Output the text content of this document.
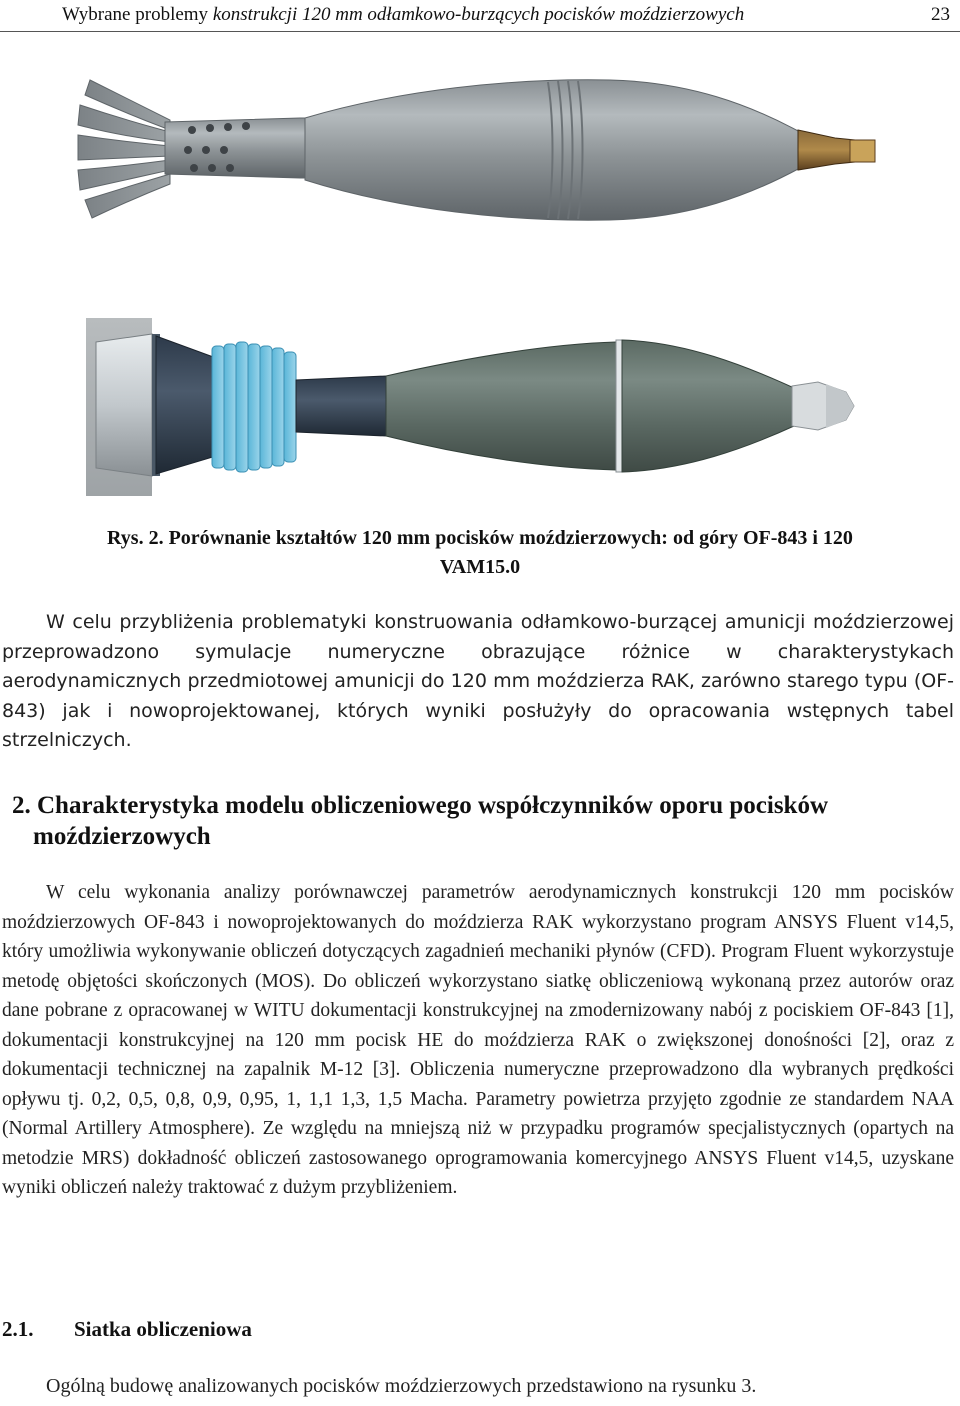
Wybrane problemy konstrukcji 120 mm odłamkowo-burzących pocisków moździerzowych	23
Rys. 2. Porównanie kształtów 120 mm pocisków moździerzowych: od góry OF-843 i 120
VAM15.0

W celu przybliżenia problematyki konstruowania odłamkowo-burzącej amunicji moździerzowej przeprowadzono symulacje numeryczne obrazujące różnice w charakterystykach aerodynamicznych przedmiotowej amunicji do 120 mm moździerza RAK, zarówno starego typu (OF-843) jak i nowoprojektowanej, których wyniki posłużyły do opracowania wstępnych tabel strzelniczych.

2. Charakterystyka modelu obliczeniowego współczynników oporu pocisków
moździerzowych

W celu wykonania analizy porównawczej parametrów aerodynamicznych konstrukcji 120 mm pocisków moździerzowych OF-843 i nowoprojektowanych do moździerza RAK wykorzystano program ANSYS Fluent v14,5, który umożliwia wykonywanie obliczeń dotyczących zagadnień mechaniki płynów (CFD). Program Fluent wykorzystuje metodę objętości skończonych (MOS). Do obliczeń wykorzystano siatkę obliczeniową wykonaną przez autorów oraz dane pobrane z opracowanej w WITU dokumentacji konstrukcyjnej na zmodernizowany nabój z pociskiem OF-843 [1], dokumentacji konstrukcyjnej na 120 mm pocisk HE do moździerza RAK o zwiększonej donośności [2], oraz z dokumentacji technicznej na zapalnik M-12 [3]. Obliczenia numeryczne przeprowadzono dla wybranych prędkości opływu tj. 0,2, 0,5, 0,8, 0,9, 0,95, 1, 1,1 1,3, 1,5 Macha. Parametry powietrza przyjęto zgodnie ze standardem NAA (Normal Artillery Atmosphere). Ze względu na mniejszą niż w przypadku programów specjalistycznych (opartych na metodzie MRS) dokładność obliczeń zastosowanego oprogramowania komercyjnego ANSYS Fluent v14,5, uzyskane wyniki obliczeń należy traktować z dużym przybliżeniem.

2.1. Siatka obliczeniowa
Ogólną budowę analizowanych pocisków moździerzowych przedstawiono na rysunku 3.
